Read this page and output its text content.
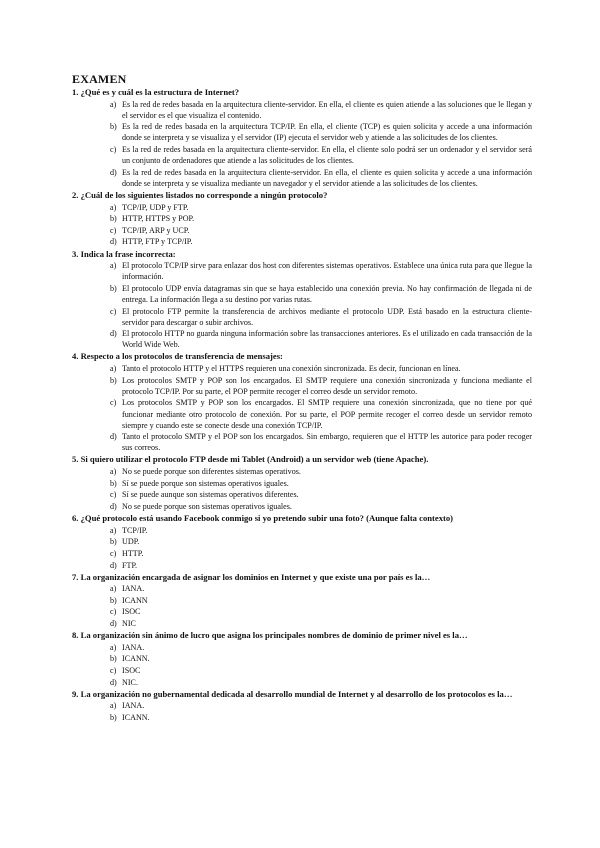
EXAMEN
1. ¿Qué es y cuál es la estructura de Internet?
a) Es la red de redes basada en la arquitectura cliente-servidor. En ella, el cliente es quien atiende a las soluciones que le llegan y el servidor es el que visualiza el contenido.
b) Es la red de redes basada en la arquitectura TCP/IP. En ella, el cliente (TCP) es quien solicita y accede a una información donde se interpreta y se visualiza y el servidor (IP) ejecuta el servidor web y atiende a las solicitudes de los clientes.
c) Es la red de redes basada en la arquitectura cliente-servidor. En ella, el cliente solo podrá ser un ordenador y el servidor será un conjunto de ordenadores que atiende a las solicitudes de los clientes.
d) Es la red de redes basada en la arquitectura cliente-servidor. En ella, el cliente es quien solicita y accede a una información donde se interpreta y se visualiza mediante un navegador y el servidor atiende a las solicitudes de los clientes.
2. ¿Cuál de los siguientes listados no corresponde a ningún protocolo?
a) TCP/IP, UDP y FTP.
b) HTTP, HTTPS y POP.
c) TCP/IP, ARP y UCP.
d) HTTP, FTP y TCP/IP.
3. Indica la frase incorrecta:
a) El protocolo TCP/IP sirve para enlazar dos host con diferentes sistemas operativos. Establece una única ruta para que llegue la información.
b) El protocolo UDP envía datagramas sin que se haya establecido una conexión previa. No hay confirmación de llegada ni de entrega. La información llega a su destino por varias rutas.
c) El protocolo FTP permite la transferencia de archivos mediante el protocolo UDP. Está basado en la estructura cliente-servidor para descargar o subir archivos.
d) El protocolo HTTP no guarda ninguna información sobre las transacciones anteriores. Es el utilizado en cada transacción de la World Wide Web.
4. Respecto a los protocolos de transferencia de mensajes:
a) Tanto el protocolo HTTP y el HTTPS requieren una conexión sincronizada. Es decir, funcionan en línea.
b) Los protocolos SMTP y POP son los encargados. El SMTP requiere una conexión sincronizada y funciona mediante el protocolo TCP/IP. Por su parte, el POP permite recoger el correo desde un servidor remoto.
c) Los protocolos SMTP y POP son los encargados. El SMTP requiere una conexión sincronizada, que no tiene por qué funcionar mediante otro protocolo de conexión. Por su parte, el POP permite recoger el correo desde un servidor remoto siempre y cuando este se conecte desde una conexión TCP/IP.
d) Tanto el protocolo SMTP y el POP son los encargados. Sin embargo, requieren que el HTTP les autorice para poder recoger sus correos.
5. Si quiero utilizar el protocolo FTP desde mi Tablet (Android) a un servidor web (tiene Apache).
a) No se puede porque son diferentes sistemas operativos.
b) Sí se puede porque son sistemas operativos iguales.
c) Sí se puede aunque son sistemas operativos diferentes.
d) No se puede porque son sistemas operativos iguales.
6. ¿Qué protocolo está usando Facebook conmigo si yo pretendo subir una foto? (Aunque falta contexto)
a) TCP/IP.
b) UDP.
c) HTTP.
d) FTP.
7. La organización encargada de asignar los dominios en Internet y que existe una por país es la…
a) IANA.
b) ICANN
c) ISOC
d) NIC
8. La organización sin ánimo de lucro que asigna los principales nombres de dominio de primer nivel es la…
a) IANA.
b) ICANN.
c) ISOC
d) NIC.
9. La organización no gubernamental dedicada al desarrollo mundial de Internet y al desarrollo de los protocolos es la…
a) IANA.
b) ICANN.
